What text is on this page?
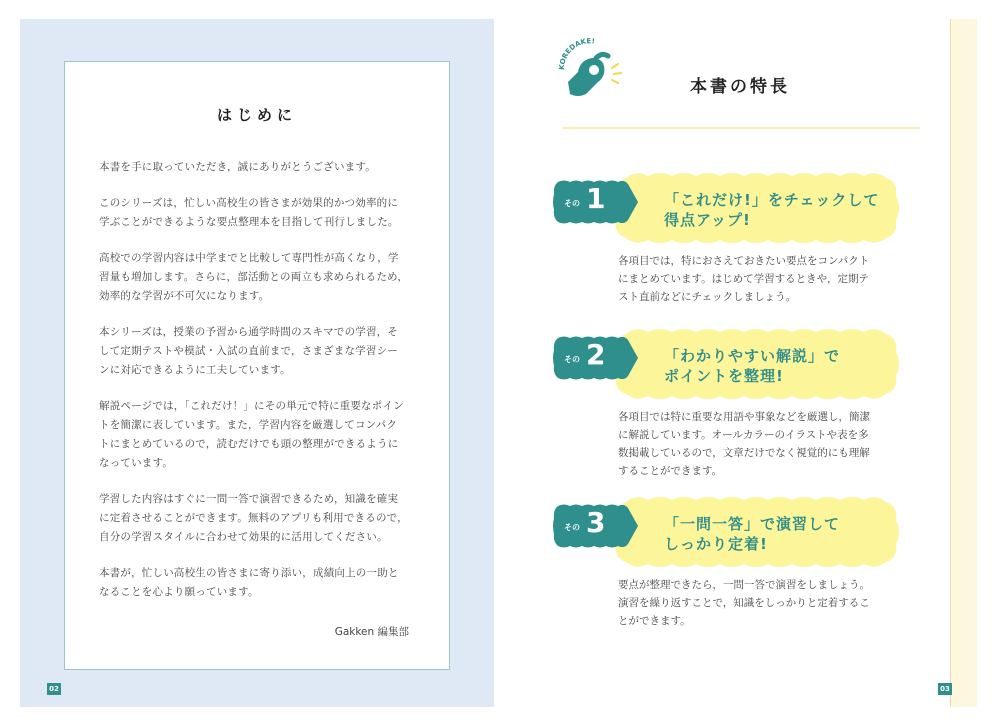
はじめに

本書を手に取っていただき，誠にありがとうございます。

このシリーズは，忙しい高校生の皆さまが効果的かつ効率的に
学ぶことができるような要点整理本を目指して刊行しました。

高校での学習内容は中学までと比較して専門性が高くなり，学
習量も増加します。さらに，部活動との両立も求められるため，
効率的な学習が不可欠になります。

本シリーズは，授業の予習から通学時間のスキマでの学習，そ
して定期テストや模試・入試の直前まで，さまざまな学習シー
ンに対応できるように工夫しています。

解説ページでは，「これだけ！」にその単元で特に重要なポイン
トを簡潔に表しています。また，学習内容を厳選してコンパク
トにまとめているので，読むだけでも頭の整理ができるように
なっています。

学習した内容はすぐに一問一答で演習できるため，知識を確実
に定着させることができます。無料のアプリも利用できるので，
自分の学習スタイルに合わせて効果的に活用してください。

本書が，忙しい高校生の皆さまに寄り添い，成績向上の一助と
なることを心より願っています。

Gakken 編集部
02	03
KOREDAKE!
本書の特長
その 1	「これだけ!」をチェックして
得点アップ!
各項目では，特におさえておきたい要点をコンパクト
にまとめています。はじめて学習するときや，定期テ
スト直前などにチェックしましょう。
その 2	「わかりやすい解説」で
ポイントを整理!
各項目では特に重要な用語や事象などを厳選し，簡潔
に解説しています。オールカラーのイラストや表を多
数掲載しているので，文章だけでなく視覚的にも理解
することができます。
その 3	「一問一答」で演習して
しっかり定着!
要点が整理できたら，一問一答で演習をしましょう。
演習を繰り返すことで，知識をしっかりと定着するこ
とができます。
